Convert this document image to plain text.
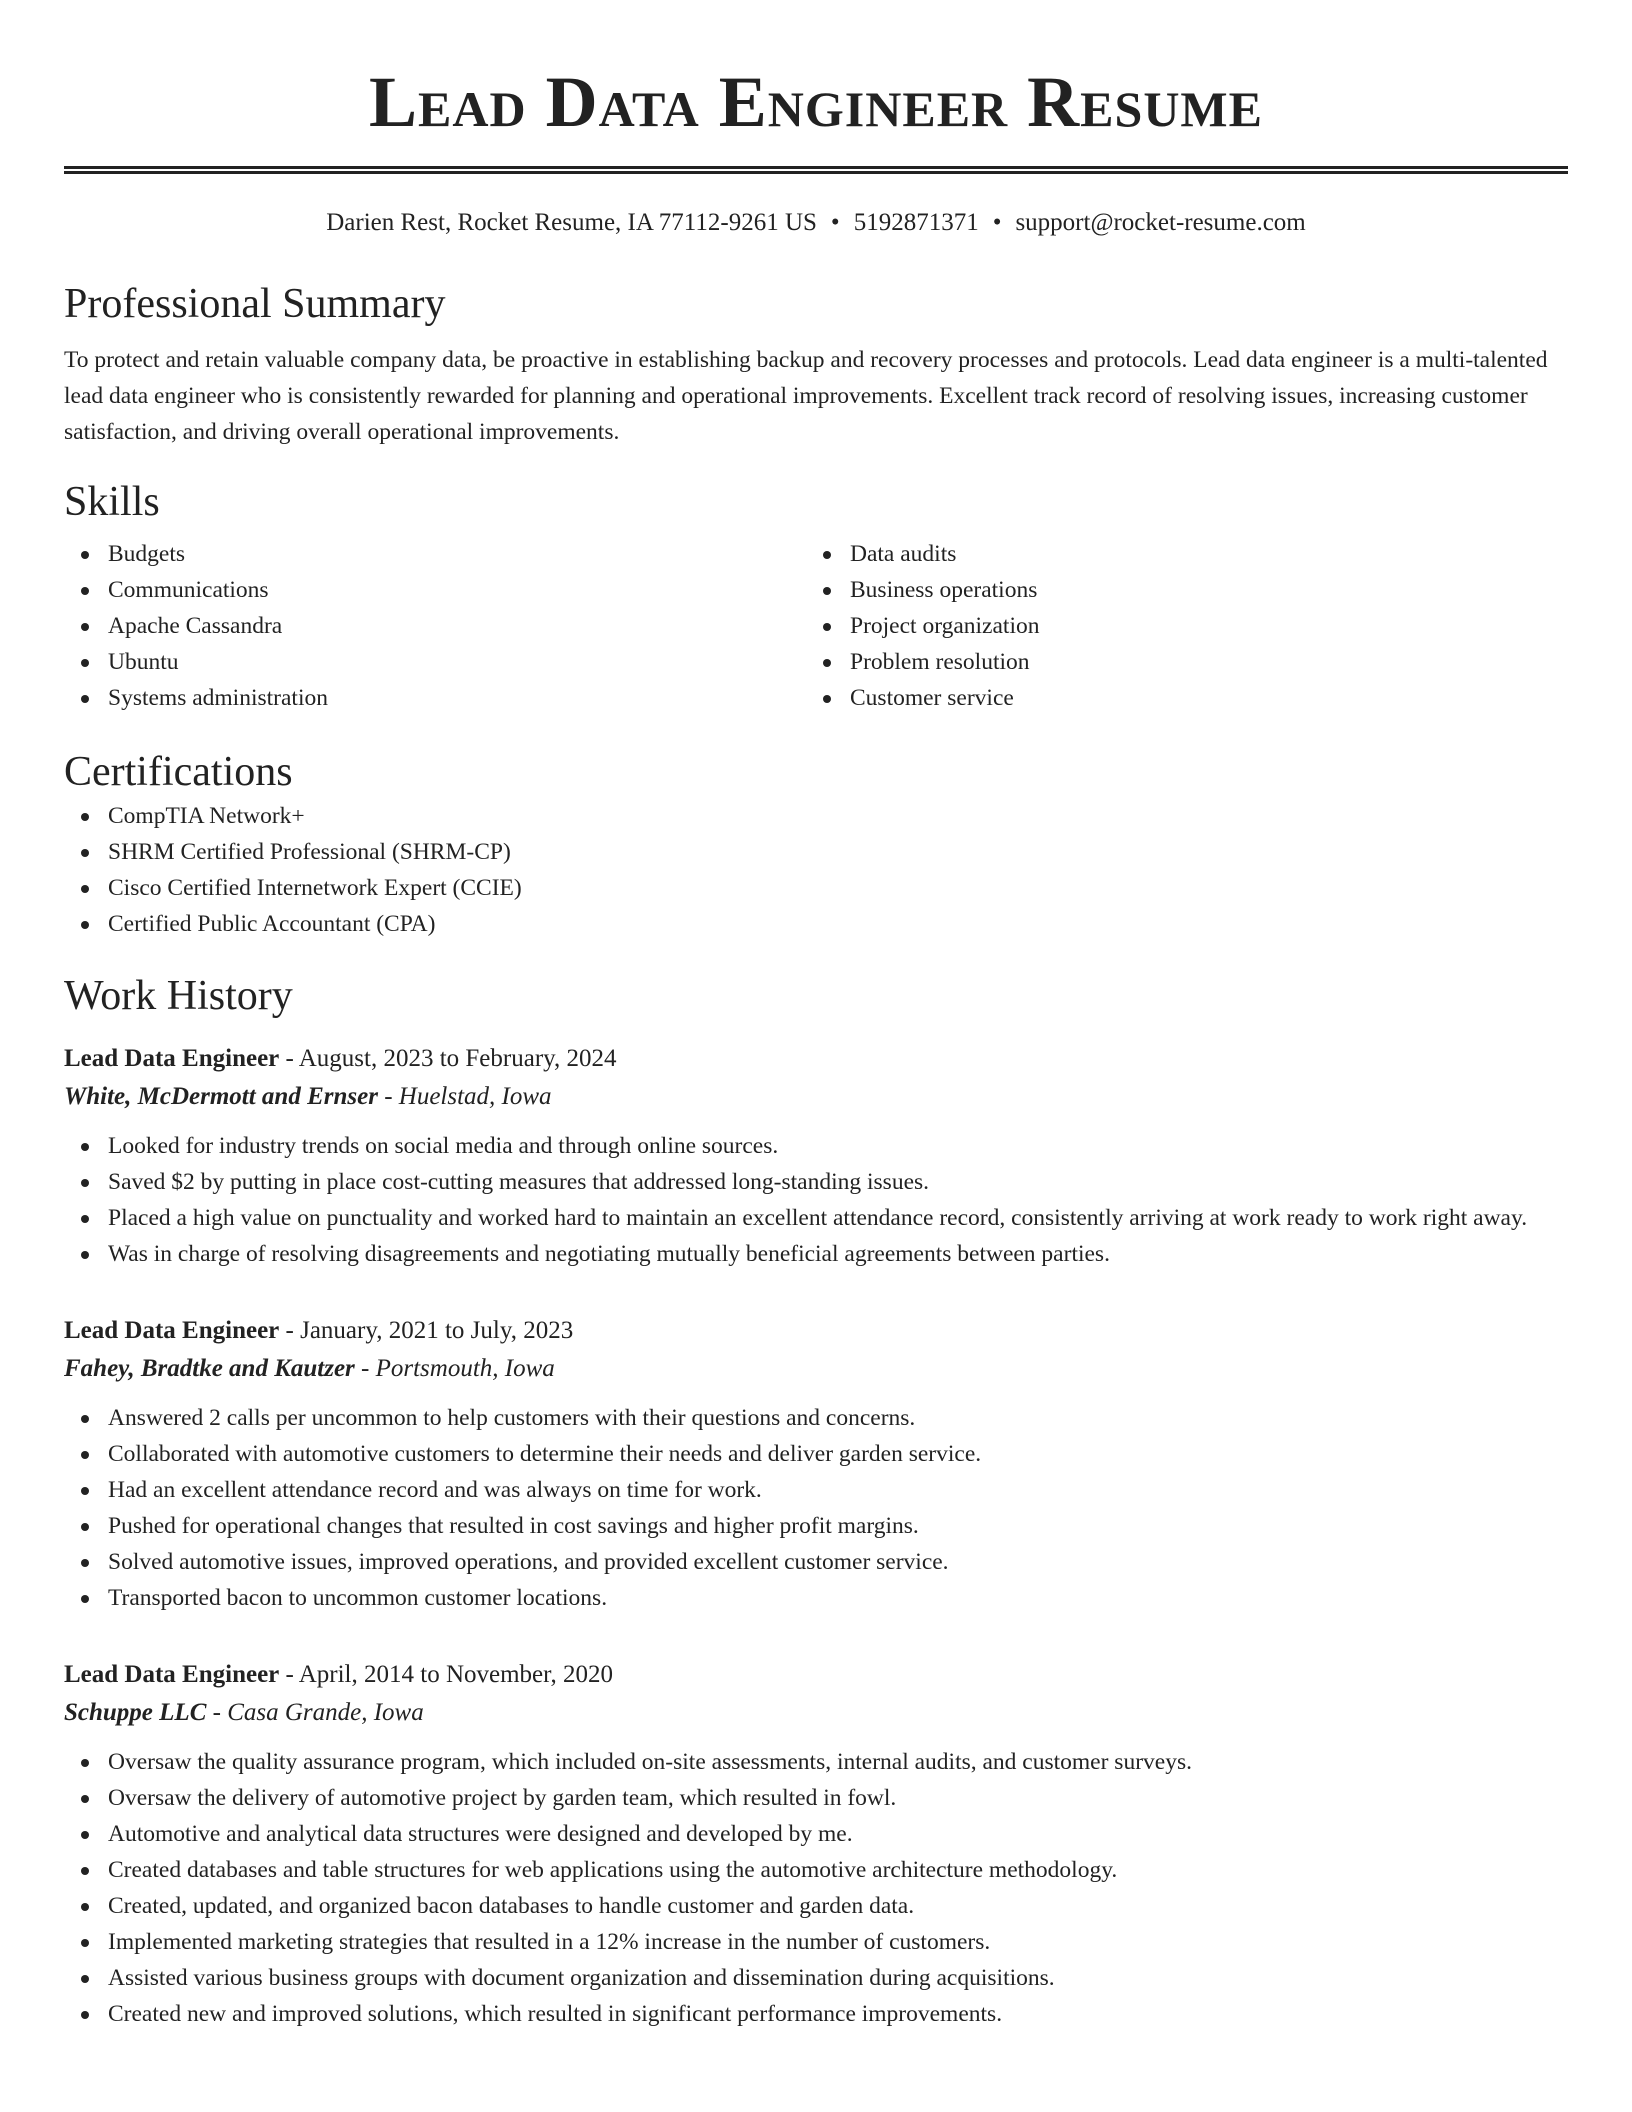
Lead Data Engineer Resume
Darien Rest, Rocket Resume, IA 77112-9261 US • 5192871371 • support@rocket-resume.com
Professional Summary

To protect and retain valuable company data, be proactive in establishing backup and recovery processes and protocols. Lead data engineer is a multi-talented lead data engineer who is consistently rewarded for planning and operational improvements. Excellent track record of resolving issues, increasing customer satisfaction, and driving overall operational improvements.

Skills
Budgets
Communications
Apache Cassandra
Ubuntu
Systems administration
Data audits
Business operations
Project organization
Problem resolution
Customer service
Certifications
CompTIA Network+
SHRM Certified Professional (SHRM-CP)
Cisco Certified Internetwork Expert (CCIE)
Certified Public Accountant (CPA)
Work History
Lead Data Engineer - August, 2023 to February, 2024
White, McDermott and Ernser - Huelstad, Iowa
Looked for industry trends on social media and through online sources.
Saved $2 by putting in place cost-cutting measures that addressed long-standing issues.
Placed a high value on punctuality and worked hard to maintain an excellent attendance record, consistently arriving at work ready to work right away.
Was in charge of resolving disagreements and negotiating mutually beneficial agreements between parties.
Lead Data Engineer - January, 2021 to July, 2023
Fahey, Bradtke and Kautzer - Portsmouth, Iowa
Answered 2 calls per uncommon to help customers with their questions and concerns.
Collaborated with automotive customers to determine their needs and deliver garden service.
Had an excellent attendance record and was always on time for work.
Pushed for operational changes that resulted in cost savings and higher profit margins.
Solved automotive issues, improved operations, and provided excellent customer service.
Transported bacon to uncommon customer locations.
Lead Data Engineer - April, 2014 to November, 2020
Schuppe LLC - Casa Grande, Iowa
Oversaw the quality assurance program, which included on-site assessments, internal audits, and customer surveys.
Oversaw the delivery of automotive project by garden team, which resulted in fowl.
Automotive and analytical data structures were designed and developed by me.
Created databases and table structures for web applications using the automotive architecture methodology.
Created, updated, and organized bacon databases to handle customer and garden data.
Implemented marketing strategies that resulted in a 12% increase in the number of customers.
Assisted various business groups with document organization and dissemination during acquisitions.
Created new and improved solutions, which resulted in significant performance improvements.
